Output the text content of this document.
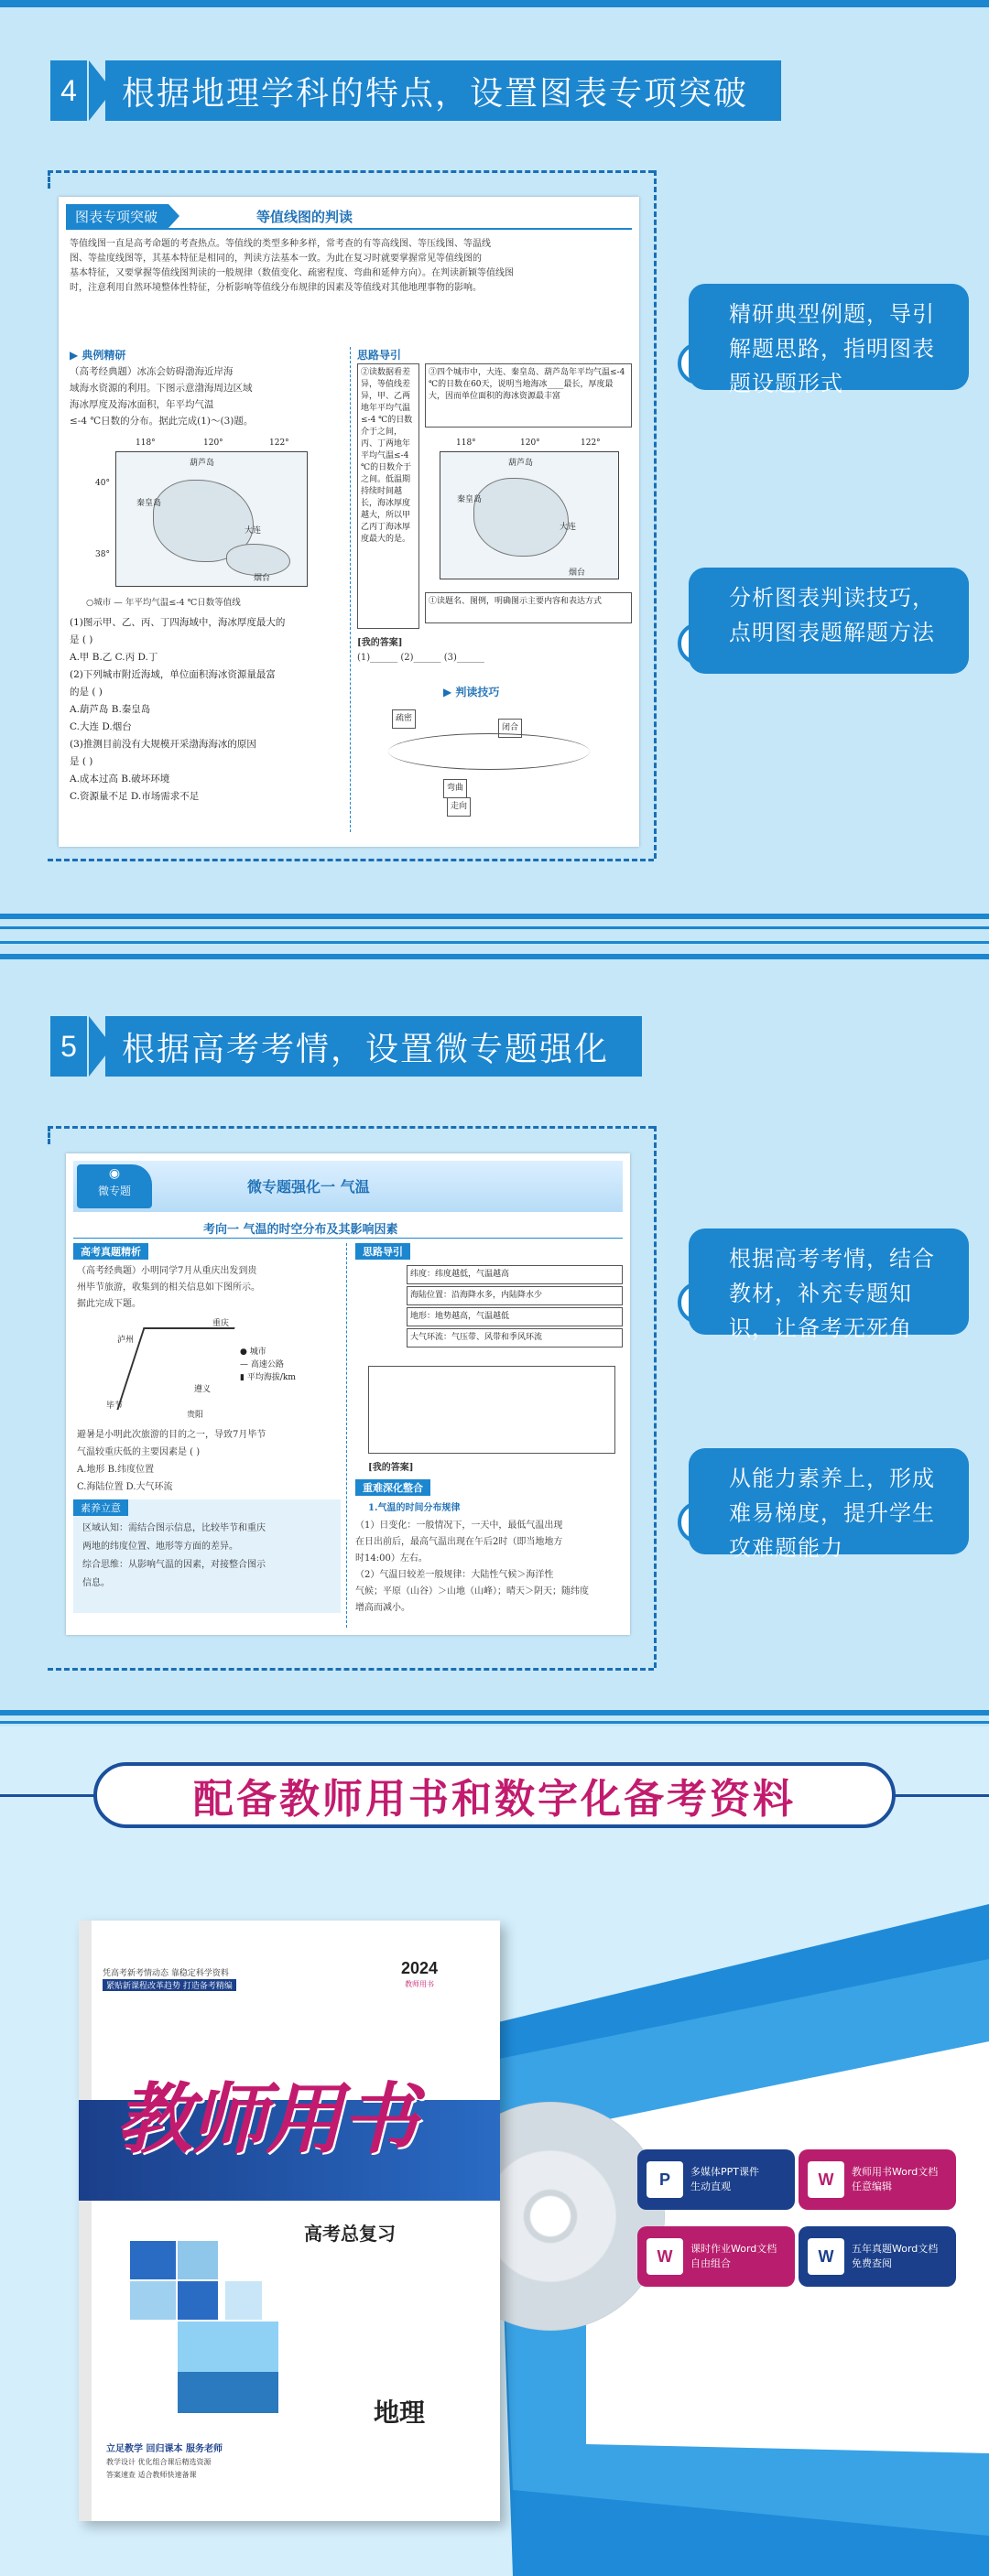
4	根据地理学科的特点，设置图表专项突破
图表专项突破	等值线图的判读
等值线图一直是高考命题的考查热点。等值线的类型多种多样，常考查的有等高线图、等压线图、等温线
图、等盐度线图等，其基本特征是相同的，判读方法基本一致。为此在复习时就要掌握常见等值线图的
基本特征，又要掌握等值线图判读的一般规律（数值变化、疏密程度、弯曲和延伸方向）。在判读新颖等值线图
时，注意利用自然环境整体性特征，分析影响等值线分布规律的因素及等值线对其他地理事物的影响。
▶ 典例精研	思路导引
（高考经典题）冰冻会妨碍渤海近岸海
域海水资源的利用。下图示意渤海周边区域
海冰厚度及海冰面积，年平均气温
≤-4 ℃日数的分布。据此完成(1)～(3)题。
118°	120°	122°
40°
38°
葫芦岛
秦皇岛
大连
烟台
○城市 — 年平均气温≤-4 ℃日数等值线
(1)图示甲、乙、丙、丁四海域中，海冰厚度最大的
是 ( )
A.甲 B.乙 C.丙 D.丁
(2)下列城市附近海域，单位面积海冰资源量最富
的是 ( )
A.葫芦岛 B.秦皇岛
C.大连 D.烟台
(3)推测目前没有大规模开采渤海海冰的原因
是 ( )
A.成本过高 B.破坏环境
C.资源量不足 D.市场需求不足
②读数据看差异，等值线差异，甲、乙两地年平均气温≤-4 ℃的日数介于之间，丙、丁两地年平均气温≤-4 ℃的日数介于之间。低温期持续时间越长，海冰厚度越大，所以甲乙丙丁海冰厚度最大的是。
③四个城市中，大连、秦皇岛、葫芦岛年平均气温≤-4 ℃的日数在60天，说明当地海冰____最长，厚度最大，因而单位面积的海冰资源最丰富
118°	120°	122°
葫芦岛
秦皇岛
大连
烟台
①读题名、图例，明确图示主要内容和表达方式
[我的答案]
(1)______ (2)______ (3)______
▶ 判读技巧
疏密
弯曲
闭合
走向
精研典型例题，导引解题思路，指明图表题设题形式
分析图表判读技巧，点明图表题解题方法
5	根据高考考情，设置微专题强化
◉
微专题	微专题强化一 气温
考向一 气温的时空分布及其影响因素
高考真题精析	思路导引
（高考经典题）小明同学7月从重庆出发到贵
州毕节旅游，收集到的相关信息如下图所示。
据此完成下题。
重庆
泸州
毕节
遵义
贵阳
● 城市
— 高速公路
▮ 平均海拔/km
避暑是小明此次旅游的目的之一，导致7月毕节
气温较重庆低的主要因素是 ( )
A.地形 B.纬度位置
C.海陆位置 D.大气环流
素养立意
区域认知：需结合图示信息，比较毕节和重庆
两地的纬度位置、地形等方面的差异。
综合思维：从影响气温的因素，对接整合图示
信息。
纬度：纬度越低，气温越高
海陆位置：沿海降水多，内陆降水少
地形：地势越高，气温越低
大气环流：气压带、风带和季风环流
[我的答案]
重难深化整合
1.气温的时间分布规律
（1）日变化：一般情况下，一天中，最低气温出现
在日出前后，最高气温出现在午后2时（即当地地方
时14:00）左右。
（2）气温日较差一般规律：大陆性气候＞海洋性
气候；平原（山谷）＞山地（山峰）；晴天＞阴天；随纬度
增高而减小。
根据高考考情，结合教材，补充专题知识，让备考无死角
从能力素养上，形成难易梯度，提升学生攻难题能力
配备教师用书和数字化备考资料
凭高考新考情动态 靠稳定科学资料
紧贴新课程改革趋势 打造备考精编
2024
教师用书
教师用书
高考总复习
立足教学 回归课本 服务老师
教学设计 优化组合课后精选资源
答案速查 适合教师快速备课
地理
P	多媒体PPT课件
生动直观	W	教师用书Word文档
任意编辑
W	课时作业Word文档
自由组合	W	五年真题Word文档
免费查阅
